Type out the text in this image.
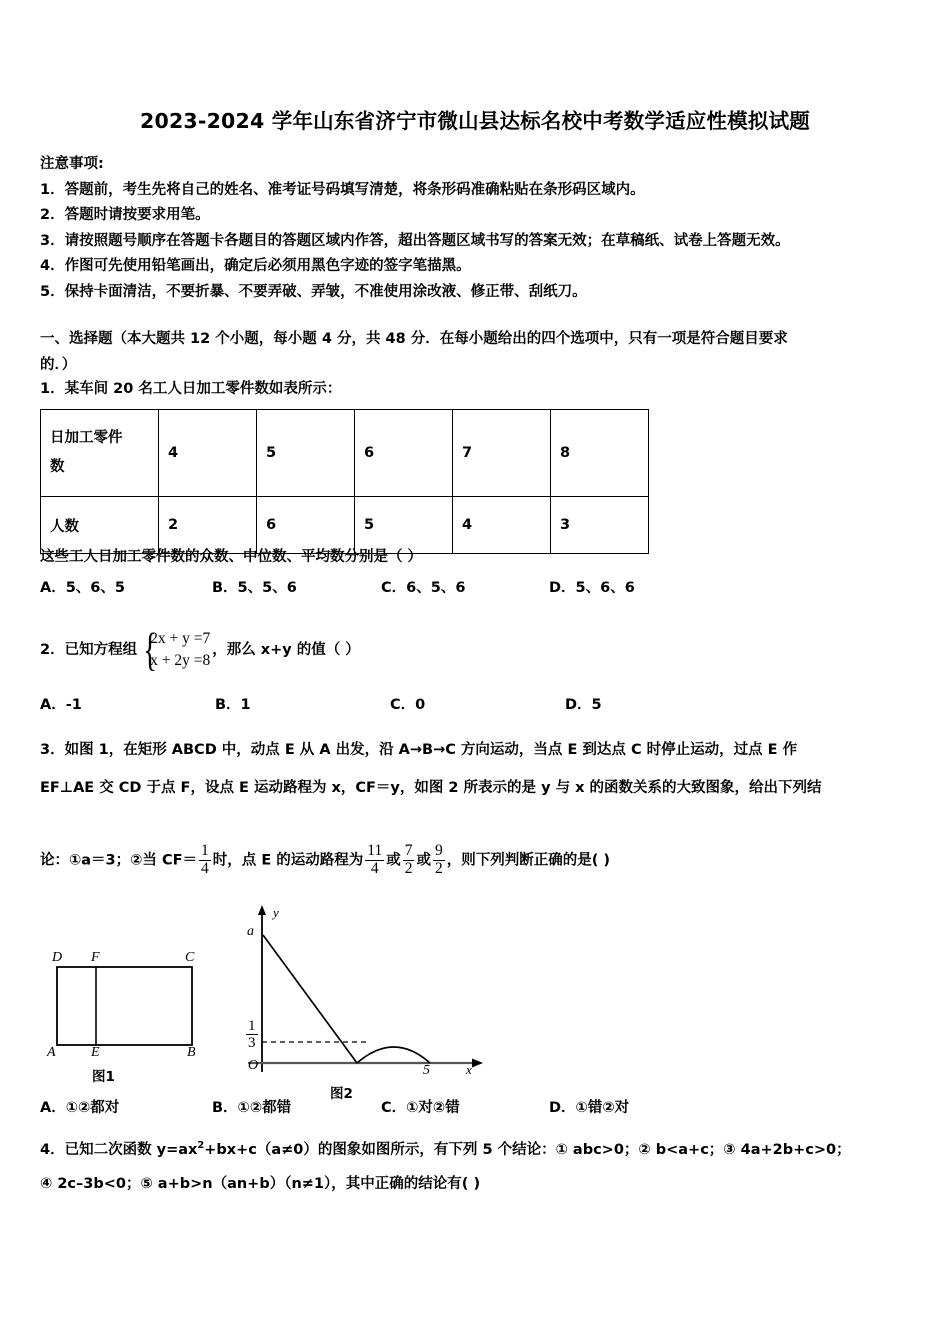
2023-2024 学年山东省济宁市微山县达标名校中考数学适应性模拟试题
注意事项:
1．答题前，考生先将自己的姓名、准考证号码填写清楚，将条形码准确粘贴在条形码区域内。
2．答题时请按要求用笔。
3．请按照题号顺序在答题卡各题目的答题区域内作答，超出答题区域书写的答案无效；在草稿纸、试卷上答题无效。
4．作图可先使用铅笔画出，确定后必须用黑色字迹的签字笔描黑。
5．保持卡面清洁，不要折暴、不要弄破、弄皱，不准使用涂改液、修正带、刮纸刀。
一、选择题（本大题共 12 个小题，每小题 4 分，共 48 分．在每小题给出的四个选项中，只有一项是符合题目要求
的．）
1．某车间 20 名工人日加工零件数如表所示：
日加工零件
数	4	5	6	7	8
人数	2	6	5	4	3
这些工人日加工零件数的众数、中位数、平均数分别是（ ）
A．5、6、5	B．5、5、6	C．6、5、6	D．5、6、6
2．已知方程组 {
2x + y =7
x + 2y =8
，那么 x+y 的值（ ）
A．-1	B．1	C．0	D．5
3．如图 1，在矩形 ABCD 中，动点 E 从 A 出发，沿 A→B→C 方向运动，当点 E 到达点 C 时停止运动，过点 E 作
EF⊥AE 交 CD 于点 F，设点 E 运动路程为 x，CF＝y，如图 2 所表示的是 y 与 x 的函数关系的大致图象，给出下列结
论：①a＝3；②当 $CF= \frac{1}{4}$ 时，点 E 的运动路程为 $\frac{11}{4}$ 或 $\frac{7}{2}$ 或 $\frac{9}{2}$ ，则下列判断正确的是( )
D F	C
A	E	B
图1
y
x
O
a
$\frac{1}{3}$
5
图2
A．①②都对	B．①②都错	C．①对②错	D．①错②对
4．已知二次函数 $y=ax^2+bx+c(a\ne 0)$的图象如图所示，有下列 5 个结论：① abc>0；② b<a+c；③ 4a+2b+c>0；
④ 2c–3b<0；⑤ a+b>n（an+b）（n≠1），其中正确的结论有( )
